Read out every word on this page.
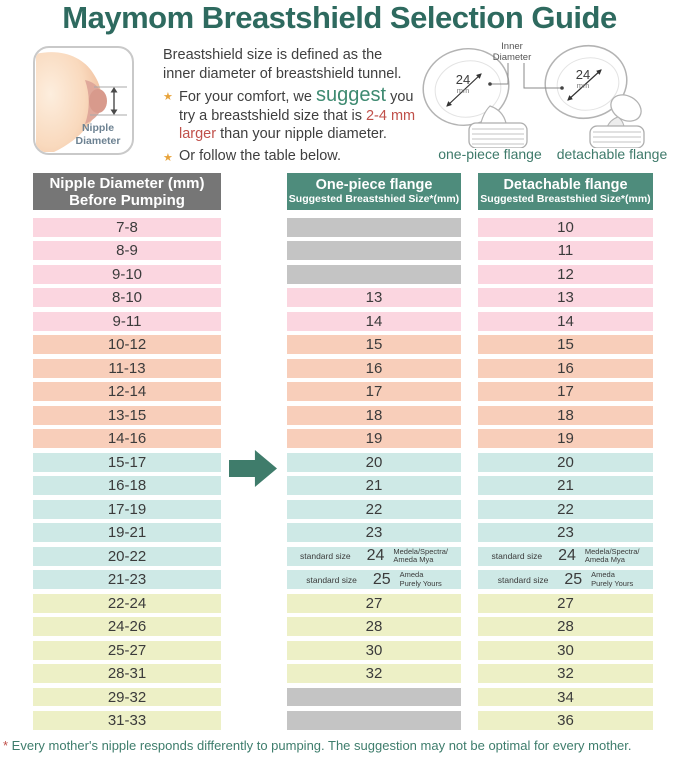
Maymom Breastshield Selection Guide
Nipple
Diameter
Breastshield size is defined as the
inner diameter of breastshield tunnel.
★ For your comfort, we suggest you
try a breastshield size that is 2-4 mm
larger than your nipple diameter.
★ Or follow the table below.
24
mm
24
mm
Inner
Diameter
one-piece flange	detachable flange
Nipple Diameter (mm)
Before Pumping
One-piece flange
Suggested Breastshied Size*(mm)
Detachable flange
Suggested Breastshied Size*(mm)
7-8
8-9
9-10
8-10
9-11
10-12
11-13
12-14
13-15
14-16
15-17
16-18
17-19
19-21
20-22
21-23
22-24
24-26
25-27
28-31
29-32
31-33
13
14
15
16
17
18
19
20
21
22
23
standard size 24 Medela/Spectra/
Ameda Mya
standard size 25 Ameda
Purely Yours
27
28
30
32
10
11
12
13
14
15
16
17
18
19
20
21
22
23
standard size 24 Medela/Spectra/
Ameda Mya
standard size 25 Ameda
Purely Yours
27
28
30
32
34
36
* Every mother's nipple responds differently to pumping. The suggestion may not be optimal for every mother.
